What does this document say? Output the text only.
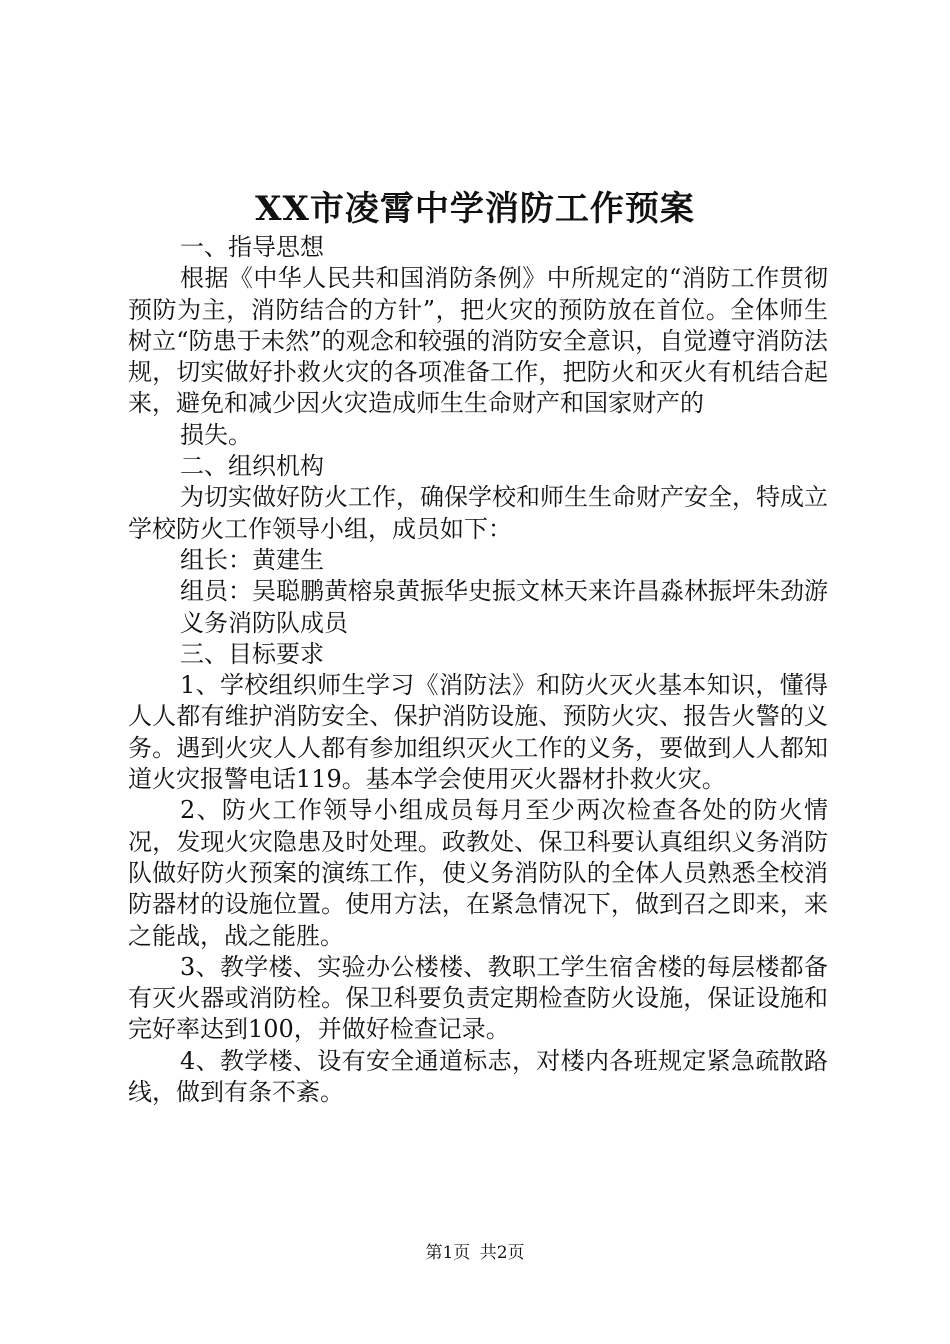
XX市凌霄中学消防工作预案

一、指导思想

根据《中华人民共和国消防条例》中所规定的“消防工作贯彻预防为主，消防结合的方针”，把火灾的预防放在首位。全体师生树立“防患于未然”的观念和较强的消防安全意识，自觉遵守消防法规，切实做好扑救火灾的各项准备工作，把防火和灭火有机结合起来，避免和减少因火灾造成师生生命财产和国家财产的

损失。

二、组织机构

为切实做好防火工作，确保学校和师生生命财产安全，特成立学校防火工作领导小组，成员如下：

组长：黄建生

组员：吴聪鹏黄榕泉黄振华史振文林天来许昌淼林振坪朱劲游

义务消防队成员

三、目标要求

1、学校组织师生学习《消防法》和防火灭火基本知识，懂得人人都有维护消防安全、保护消防设施、预防火灾、报告火警的义务。遇到火灾人人都有参加组织灭火工作的义务，要做到人人都知道火灾报警电话119。基本学会使用灭火器材扑救火灾。

2、防火工作领导小组成员每月至少两次检查各处的防火情况，发现火灾隐患及时处理。政教处、保卫科要认真组织义务消防队做好防火预案的演练工作，使义务消防队的全体人员熟悉全校消防器材的设施位置。使用方法，在紧急情况下，做到召之即来，来之能战，战之能胜。

3、教学楼、实验办公楼楼、教职工学生宿舍楼的每层楼都备有灭火器或消防栓。保卫科要负责定期检查防火设施，保证设施和完好率达到100，并做好检查记录。

4、教学楼、设有安全通道标志，对楼内各班规定紧急疏散路线，做到有条不紊。

第1页 共2页
